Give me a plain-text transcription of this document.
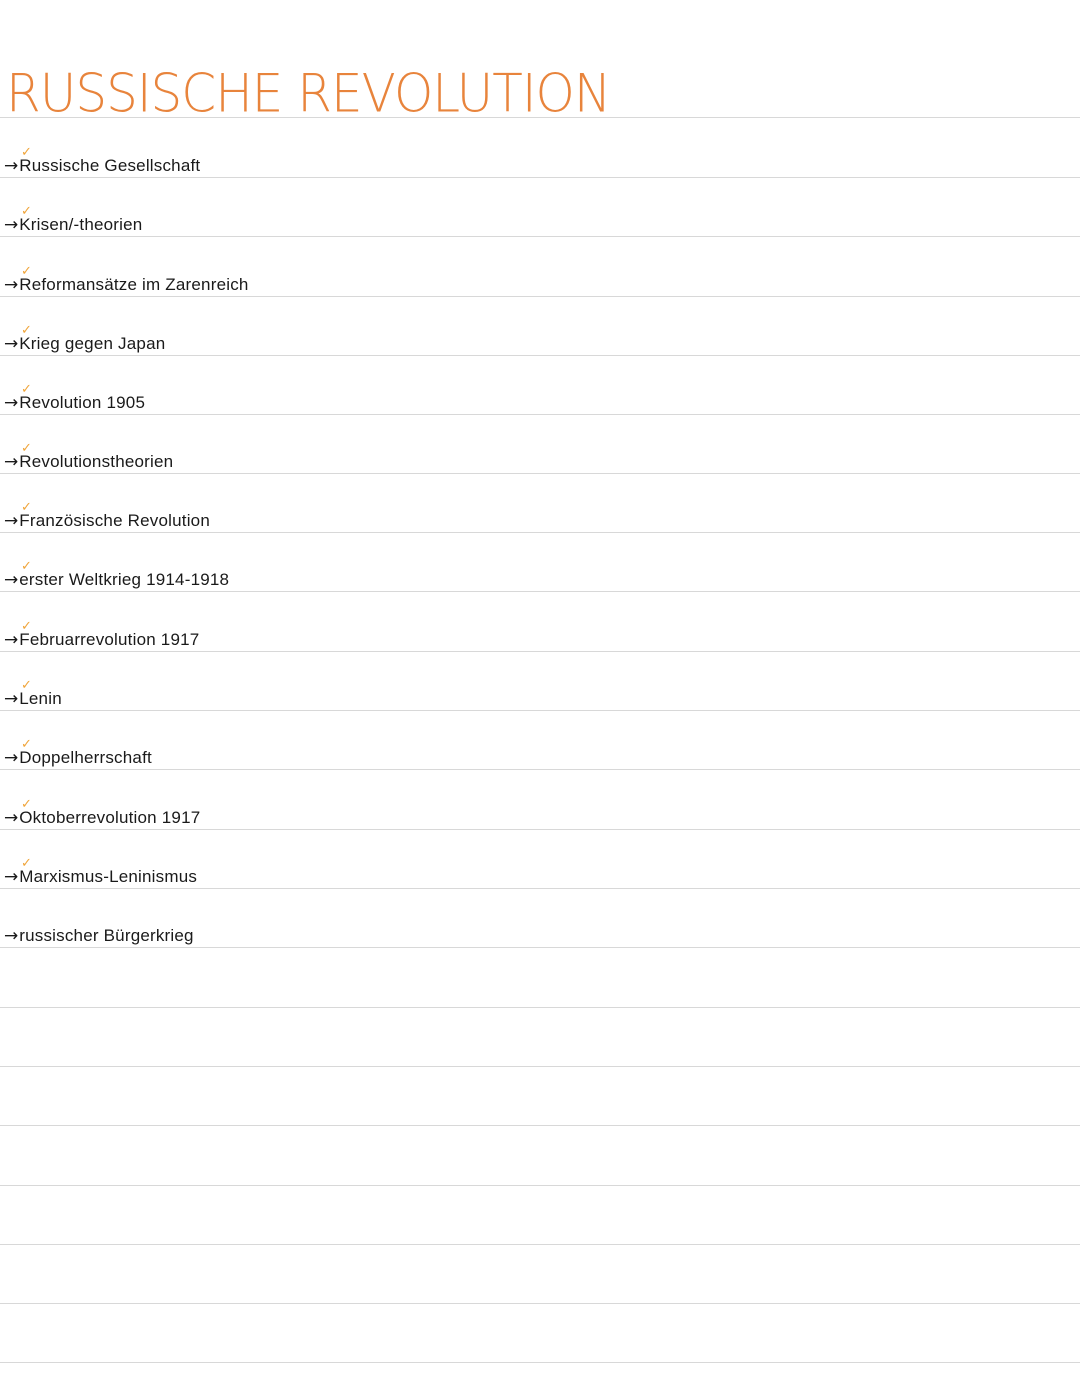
RUSSISCHE REVOLUTION
→
✓
Russische Gesellschaft
→
✓
Krisen/-theorien
→
✓
Reformansätze im Zarenreich
→
✓
Krieg gegen Japan
→
✓
Revolution 1905
→
✓
Revolutionstheorien
→
✓
Französische Revolution
→
✓
erster Weltkrieg 1914-1918
→
✓
Februarrevolution 1917
→
✓
Lenin
→
✓
Doppelherrschaft
→
✓
Oktoberrevolution 1917
→
✓
Marxismus-Leninismus
→ russischer Bürgerkrieg
